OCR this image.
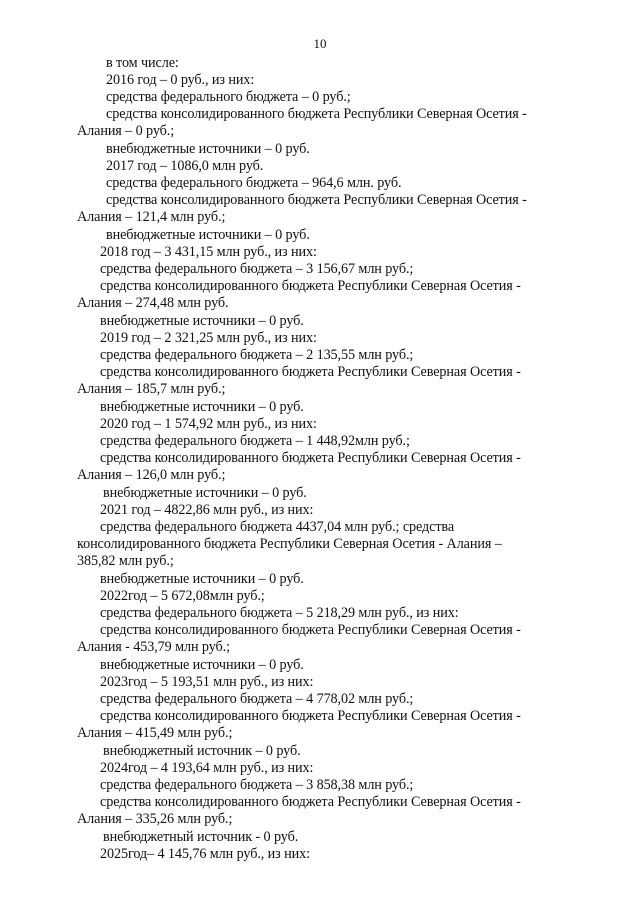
10
в том числе:
2016 год – 0 руб., из них:
средства федерального бюджета – 0 руб.;
средства консолидированного бюджета Республики Северная Осетия -
Алания – 0 руб.;
внебюджетные источники – 0 руб.
2017 год – 1086,0 млн руб.
средства федерального бюджета – 964,6 млн. руб.
средства консолидированного бюджета Республики Северная Осетия -
Алания – 121,4 млн руб.;
внебюджетные источники – 0 руб.
2018 год – 3 431,15 млн руб., из них:
средства федерального бюджета – 3 156,67 млн руб.;
средства консолидированного бюджета Республики Северная Осетия -
Алания – 274,48 млн руб.
внебюджетные источники – 0 руб.
2019 год – 2 321,25 млн руб., из них:
средства федерального бюджета – 2 135,55 млн руб.;
средства консолидированного бюджета Республики Северная Осетия -
Алания – 185,7 млн руб.;
внебюджетные источники – 0 руб.
2020 год – 1 574,92 млн руб., из них:
средства федерального бюджета – 1 448,92млн руб.;
средства консолидированного бюджета Республики Северная Осетия -
Алания – 126,0 млн руб.;
внебюджетные источники – 0 руб.
2021 год – 4822,86 млн руб., из них:
средства федерального бюджета 4437,04 млн руб.; средства
консолидированного бюджета Республики Северная Осетия - Алания –
385,82 млн руб.;
внебюджетные источники – 0 руб.
2022год – 5 672,08млн руб.;
средства федерального бюджета – 5 218,29 млн руб., из них:
средства консолидированного бюджета Республики Северная Осетия -
Алания - 453,79 млн руб.;
внебюджетные источники – 0 руб.
2023год – 5 193,51 млн руб., из них:
средства федерального бюджета – 4 778,02 млн руб.;
средства консолидированного бюджета Республики Северная Осетия -
Алания – 415,49 млн руб.;
внебюджетный источник – 0 руб.
2024год – 4 193,64 млн руб., из них:
средства федерального бюджета – 3 858,38 млн руб.;
средства консолидированного бюджета Республики Северная Осетия -
Алания – 335,26 млн руб.;
внебюджетный источник - 0 руб.
2025год– 4 145,76 млн руб., из них:
